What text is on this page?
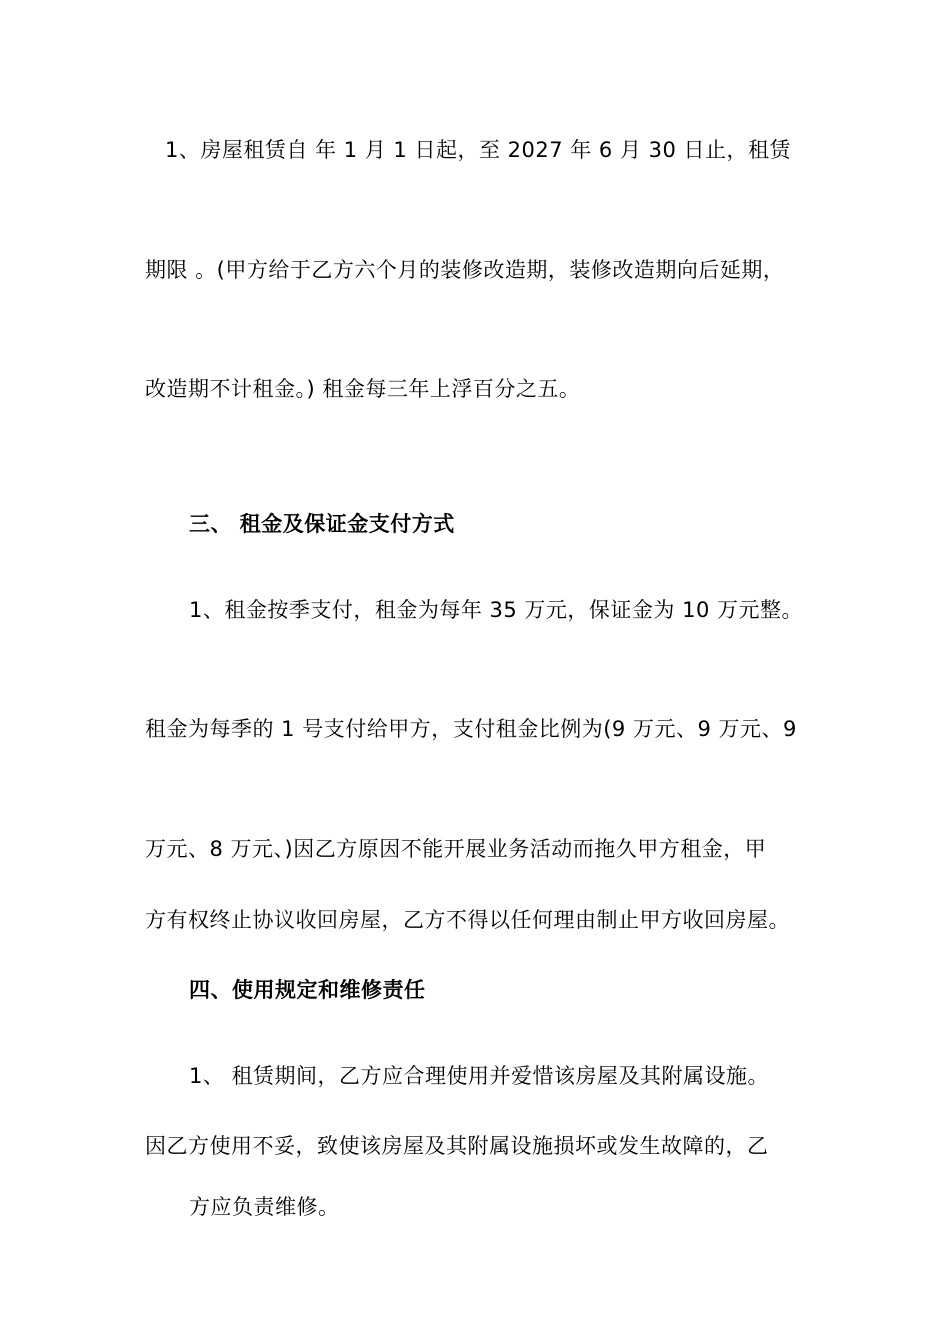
1、房屋租赁自 年 1 月 1 日起，至 2027 年 6 月 30 日止，租赁
期限 。(甲方给于乙方六个月的装修改造期，装修改造期向后延期，
改造期不计租金。) 租金每三年上浮百分之五。
三、 租金及保证金支付方式
1、租金按季支付，租金为每年 35 万元，保证金为 10 万元整。
租金为每季的 1 号支付给甲方，支付租金比例为(9 万元、9 万元、9
万元、8 万元、)因乙方原因不能开展业务活动而拖久甲方租金，甲
方有权终止协议收回房屋，乙方不得以任何理由制止甲方收回房屋。
四、使用规定和维修责任
1、 租赁期间，乙方应合理使用并爱惜该房屋及其附属设施。
因乙方使用不妥，致使该房屋及其附属设施损坏或发生故障的，乙
方应负责维修。
